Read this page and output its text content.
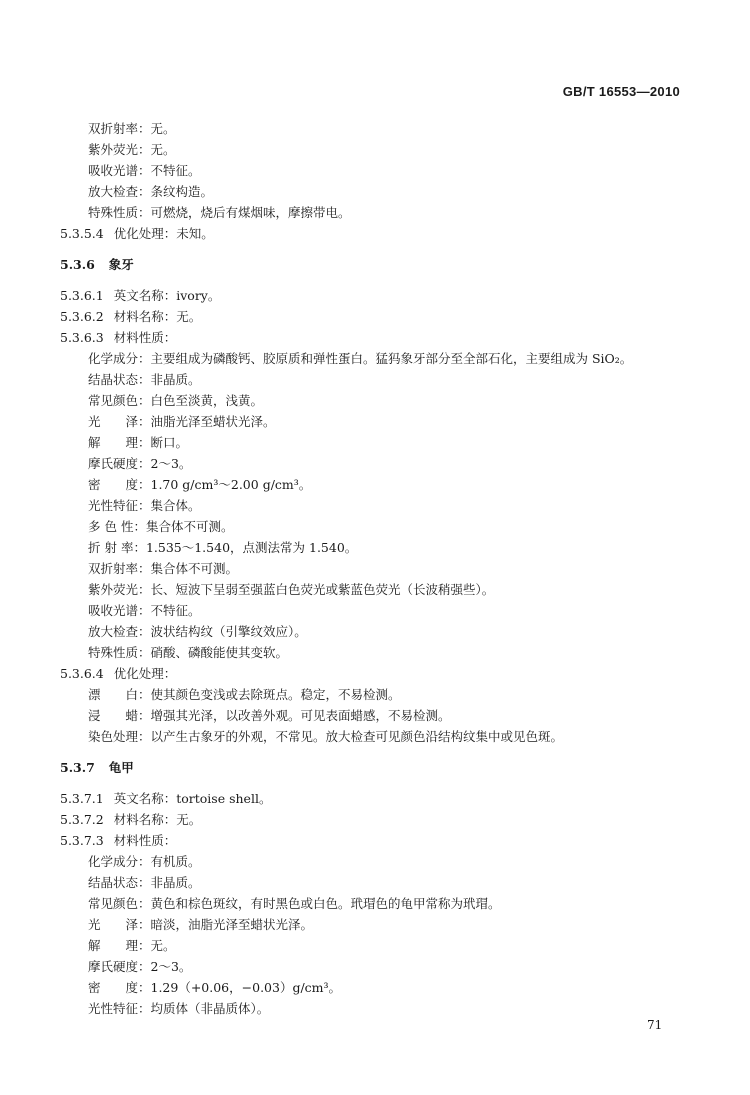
GB/T 16553—2010
双折射率：无。
紫外荧光：无。
吸收光谱：不特征。
放大检查：条纹构造。
特殊性质：可燃烧，烧后有煤烟味，摩擦带电。
5.3.5.4 优化处理：未知。
5.3.6 象牙
5.3.6.1 英文名称：ivory。
5.3.6.2 材料名称：无。
5.3.6.3 材料性质：
化学成分：主要组成为磷酸钙、胶原质和弹性蛋白。猛犸象牙部分至全部石化，主要组成为 SiO₂。
结晶状态：非晶质。
常见颜色：白色至淡黄，浅黄。
光　　泽：油脂光泽至蜡状光泽。
解　　理：断口。
摩氏硬度：2～3。
密　　度：1.70 g/cm³～2.00 g/cm³。
光性特征：集合体。
多 色 性：集合体不可测。
折 射 率：1.535～1.540，点测法常为 1.540。
双折射率：集合体不可测。
紫外荧光：长、短波下呈弱至强蓝白色荧光或紫蓝色荧光（长波稍强些）。
吸收光谱：不特征。
放大检查：波状结构纹（引擎纹效应）。
特殊性质：硝酸、磷酸能使其变软。
5.3.6.4 优化处理：
漂　　白：使其颜色变浅或去除斑点。稳定，不易检测。
浸　　蜡：增强其光泽，以改善外观。可见表面蜡感，不易检测。
染色处理：以产生古象牙的外观，不常见。放大检查可见颜色沿结构纹集中或见色斑。
5.3.7 龟甲
5.3.7.1 英文名称：tortoise shell。
5.3.7.2 材料名称：无。
5.3.7.3 材料性质：
化学成分：有机质。
结晶状态：非晶质。
常见颜色：黄色和棕色斑纹，有时黑色或白色。玳瑁色的龟甲常称为玳瑁。
光　　泽：暗淡，油脂光泽至蜡状光泽。
解　　理：无。
摩氏硬度：2～3。
密　　度：1.29（+0.06，−0.03）g/cm³。
光性特征：均质体（非晶质体）。
71
